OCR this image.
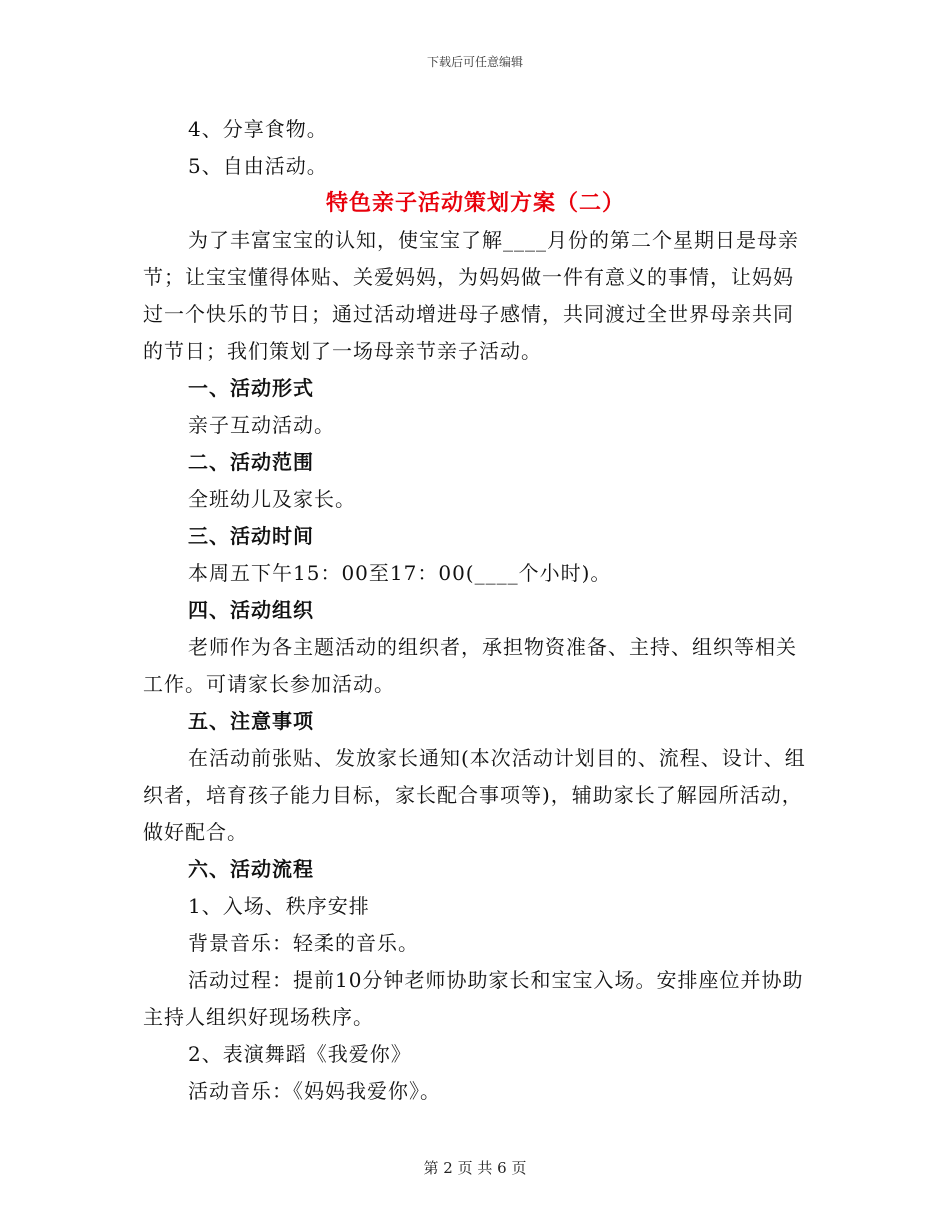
下载后可任意编辑

4、分享食物。

5、自由活动。

特色亲子活动策划方案（二）

为了丰富宝宝的认知，使宝宝了解____月份的第二个星期日是母亲节；让宝宝懂得体贴、关爱妈妈，为妈妈做一件有意义的事情，让妈妈过一个快乐的节日；通过活动增进母子感情，共同渡过全世界母亲共同的节日；我们策划了一场母亲节亲子活动。

一、活动形式

亲子互动活动。

二、活动范围

全班幼儿及家长。

三、活动时间

本周五下午15：00至17：00(____个小时)。

四、活动组织

老师作为各主题活动的组织者，承担物资准备、主持、组织等相关工作。可请家长参加活动。

五、注意事项

在活动前张贴、发放家长通知(本次活动计划目的、流程、设计、组织者，培育孩子能力目标，家长配合事项等)，辅助家长了解园所活动，做好配合。

六、活动流程

1、入场、秩序安排

背景音乐：轻柔的音乐。

活动过程：提前10分钟老师协助家长和宝宝入场。安排座位并协助主持人组织好现场秩序。

2、表演舞蹈《我爱你》

活动音乐：《妈妈我爱你》。

第 2 页 共 6 页
